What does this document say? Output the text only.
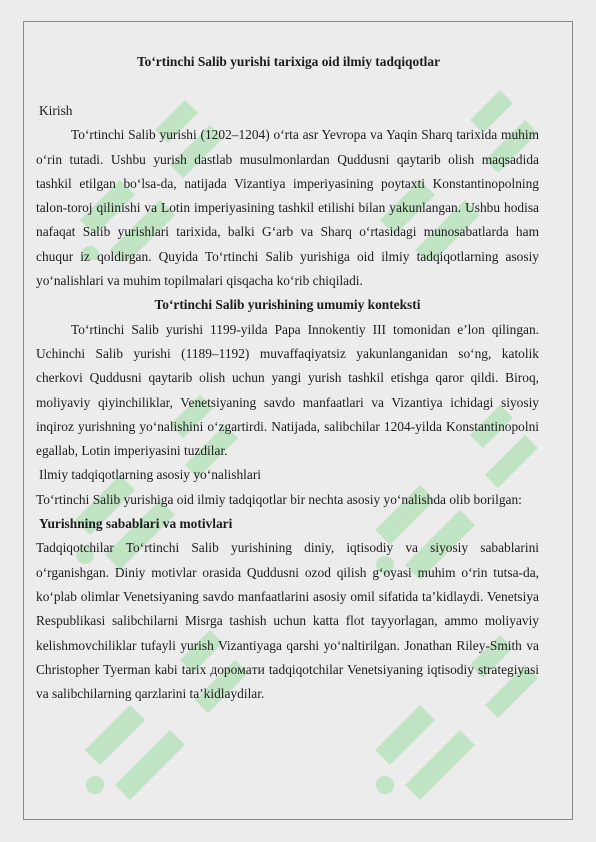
To‘rtinchi Salib yurishi tarixiga oid ilmiy tadqiqotlar

Kirish

To‘rtinchi Salib yurishi (1202–1204) o‘rta asr Yevropa va Yaqin Sharq tarixida muhim o‘rin tutadi. Ushbu yurish dastlab musulmonlardan Quddusni qaytarib olish maqsadida tashkil etilgan bo‘lsa-da, natijada Vizantiya imperiyasining poytaxti Konstantinopolning talon-toroj qilinishi va Lotin imperiyasining tashkil etilishi bilan yakunlangan. Ushbu hodisa nafaqat Salib yurishlari tarixida, balki G‘arb va Sharq o‘rtasidagi munosabatlarda ham chuqur iz qoldirgan. Quyida To‘rtinchi Salib yurishiga oid ilmiy tadqiqotlarning asosiy yo‘nalishlari va muhim topilmalari qisqacha ko‘rib chiqiladi.

To‘rtinchi Salib yurishining umumiy konteksti

To‘rtinchi Salib yurishi 1199-yilda Papa Innokentiy III tomonidan e’lon qilingan. Uchinchi Salib yurishi (1189–1192) muvaffaqiyatsiz yakunlanganidan so‘ng, katolik cherkovi Quddusni qaytarib olish uchun yangi yurish tashkil etishga qaror qildi. Biroq, moliyaviy qiyinchiliklar, Venetsiyaning savdo manfaatlari va Vizantiya ichidagi siyosiy inqiroz yurishning yo‘nalishini o‘zgartirdi. Natijada, salibchilar 1204-yilda Konstantinopolni egallab, Lotin imperiyasini tuzdilar.

Ilmiy tadqiqotlarning asosiy yo‘nalishlari

To‘rtinchi Salib yurishiga oid ilmiy tadqiqotlar bir nechta asosiy yo‘nalishda olib borilgan:

Yurishning sabablari va motivlari

Tadqiqotchilar To‘rtinchi Salib yurishining diniy, iqtisodiy va siyosiy sabablarini o‘rganishgan. Diniy motivlar orasida Quddusni ozod qilish g‘oyasi muhim o‘rin tutsa-da, ko‘plab olimlar Venetsiyaning savdo manfaatlarini asosiy omil sifatida ta’kidlaydi. Venetsiya Respublikasi salibchilarni Misrga tashish uchun katta flot tayyorlagan, ammo moliyaviy kelishmovchiliklar tufayli yurish Vizantiyaga qarshi yo‘naltirilgan. Jonathan Riley-Smith va Christopher Tyerman kabi tarix дopoмaти tadqiqotchilar Venetsiyaning iqtisodiy strategiyasi va salibchilarning qarzlarini ta’kidlaydilar.
